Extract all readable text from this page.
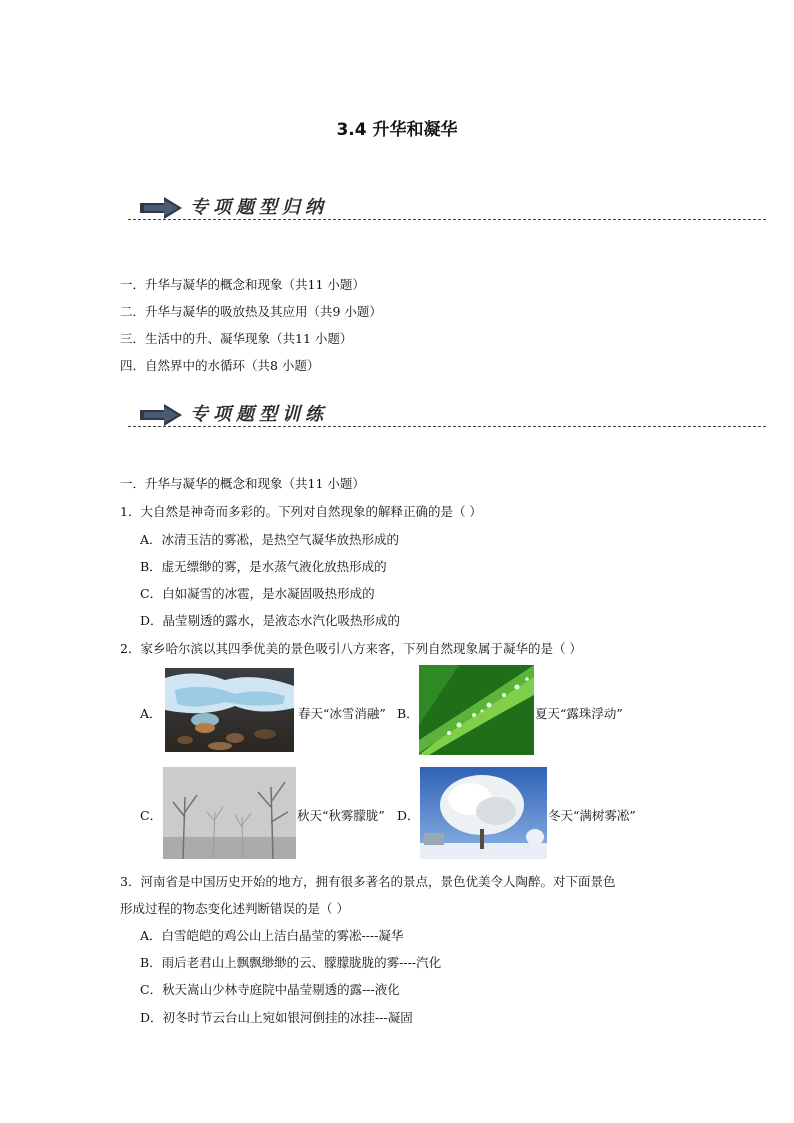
3.4 升华和凝华
专项题型归纳
一．升华与凝华的概念和现象（共11 小题）
二．升华与凝华的吸放热及其应用（共9 小题）
三．生活中的升、凝华现象（共11 小题）
四．自然界中的水循环（共8 小题）
专项题型训练
一．升华与凝华的概念和现象（共11 小题）
1．大自然是神奇而多彩的。下列对自然现象的解释正确的是（ ）
A．冰清玉洁的雾凇，是热空气凝华放热形成的
B．虚无缥缈的雾，是水蒸气液化放热形成的
C．白如凝雪的冰雹，是水凝固吸热形成的
D．晶莹剔透的露水，是液态水汽化吸热形成的
2．家乡哈尔滨以其四季优美的景色吸引八方来客，下列自然现象属于凝华的是（ ）
A．	春天“冰雪消融” B．	夏天“露珠浮动”
C．	秋天“秋雾朦胧” D．	冬天“满树雾凇”
3．河南省是中国历史开始的地方，拥有很多著名的景点，景色优美令人陶醉。对下面景色
形成过程的物态变化述判断错误的是（ ）
A．白雪皑皑的鸡公山上洁白晶莹的雾凇----凝华
B．雨后老君山上飘飘缈缈的云、朦朦胧胧的雾----汽化
C．秋天嵩山少林寺庭院中晶莹剔透的露---液化
D．初冬时节云台山上宛如银河倒挂的冰挂---凝固
